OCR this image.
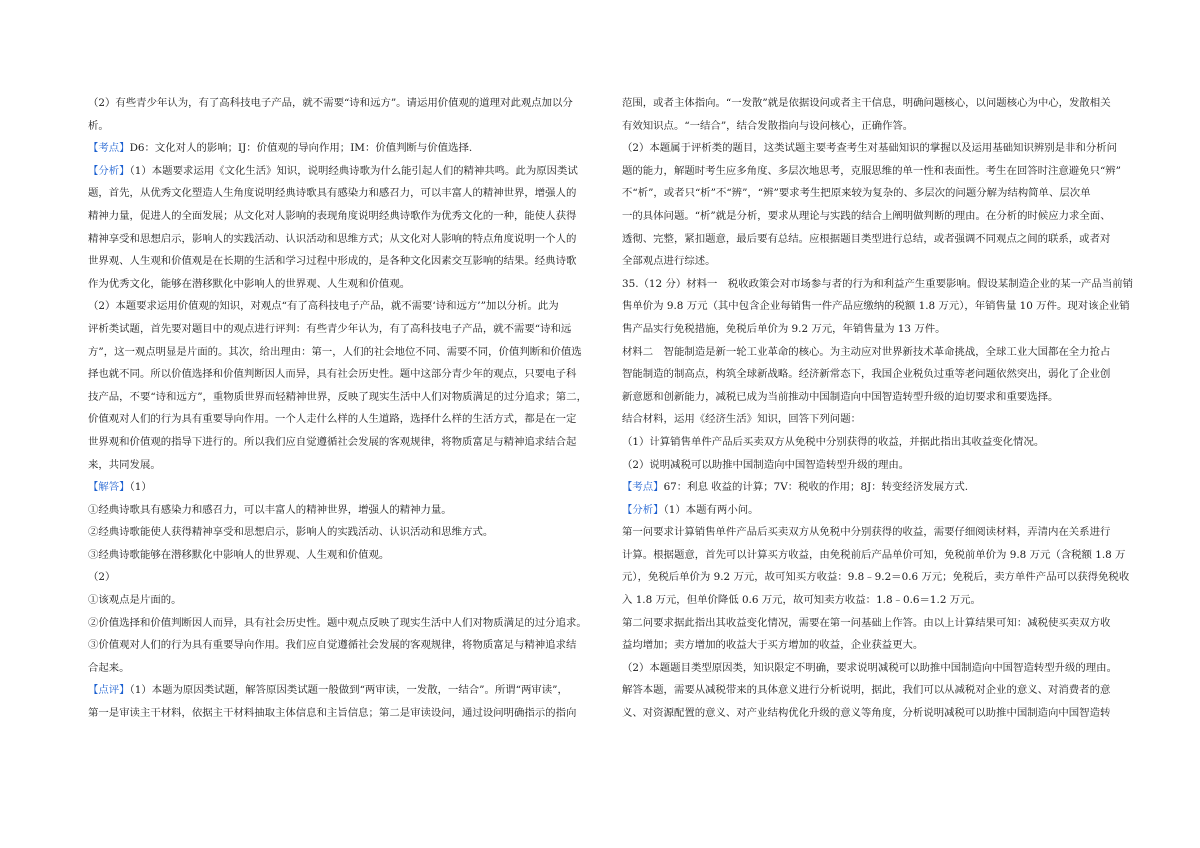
（2）有些青少年认为，有了高科技电子产品，就不需要“诗和远方”。请运用价值观的道理对此观点加以分

析。

【考点】D6：文化对人的影响；IJ：价值观的导向作用；IM：价值判断与价值选择.

【分析】（1）本题要求运用《文化生活》知识，说明经典诗歌为什么能引起人们的精神共鸣。此为原因类试

题，首先，从优秀文化塑造人生角度说明经典诗歌具有感染力和感召力，可以丰富人的精神世界，增强人的

精神力量，促进人的全面发展；从文化对人影响的表现角度说明经典诗歌作为优秀文化的一种，能使人获得

精神享受和思想启示，影响人的实践活动、认识活动和思维方式；从文化对人影响的特点角度说明一个人的

世界观、人生观和价值观是在长期的生活和学习过程中形成的，是各种文化因素交互影响的结果。经典诗歌

作为优秀文化，能够在潜移默化中影响人的世界观、人生观和价值观。

（2）本题要求运用价值观的知识，对观点“有了高科技电子产品，就不需要‘诗和远方’”加以分析。此为

评析类试题，首先要对题目中的观点进行评判：有些青少年认为，有了高科技电子产品，就不需要“诗和远

方”，这一观点明显是片面的。其次，给出理由：第一，人们的社会地位不同、需要不同，价值判断和价值选

择也就不同。所以价值选择和价值判断因人而异，具有社会历史性。题中这部分青少年的观点，只要电子科

技产品，不要“诗和远方”，重物质世界而轻精神世界，反映了现实生活中人们对物质满足的过分追求；第二，

价值观对人们的行为具有重要导向作用。一个人走什么样的人生道路，选择什么样的生活方式，都是在一定

世界观和价值观的指导下进行的。所以我们应自觉遵循社会发展的客观规律，将物质富足与精神追求结合起

来，共同发展。

【解答】（1）

①经典诗歌具有感染力和感召力，可以丰富人的精神世界，增强人的精神力量。

②经典诗歌能使人获得精神享受和思想启示，影响人的实践活动、认识活动和思维方式。

③经典诗歌能够在潜移默化中影响人的世界观、人生观和价值观。

（2）

①该观点是片面的。

②价值选择和价值判断因人而异，具有社会历史性。题中观点反映了现实生活中人们对物质满足的过分追求。

③价值观对人们的行为具有重要导向作用。我们应自觉遵循社会发展的客观规律，将物质富足与精神追求结

合起来。

【点评】（1）本题为原因类试题，解答原因类试题一般做到“两审读，一发散，一结合”。所谓“两审读”，

第一是审读主干材料，依据主干材料抽取主体信息和主旨信息；第二是审读设问，通过设问明确指示的指向

范围，或者主体指向。“一发散”就是依据设问或者主干信息，明确问题核心，以问题核心为中心，发散相关

有效知识点。“一结合”，结合发散指向与设问核心，正确作答。

（2）本题属于评析类的题目，这类试题主要考查考生对基础知识的掌握以及运用基础知识辨别是非和分析问

题的能力，解题时考生应多角度、多层次地思考，克服思维的单一性和表面性。考生在回答时注意避免只“辨”

不“析”，或者只“析”不“辨”，“辨”要求考生把原来较为复杂的、多层次的问题分解为结构简单、层次单

一的具体问题。“析”就是分析，要求从理论与实践的结合上阐明做判断的理由。在分析的时候应力求全面、

透彻、完整，紧扣题意，最后要有总结。应根据题目类型进行总结，或者强调不同观点之间的联系，或者对

全部观点进行综述。

35.（12 分）材料一　税收政策会对市场参与者的行为和利益产生重要影响。假设某制造企业的某一产品当前销

售单价为 9.8 万元（其中包含企业每销售一件产品应缴纳的税额 1.8 万元），年销售量 10 万件。现对该企业销

售产品实行免税措施，免税后单价为 9.2 万元，年销售量为 13 万件。

材料二　智能制造是新一轮工业革命的核心。为主动应对世界新技术革命挑战，全球工业大国都在全力抢占

智能制造的制高点，构筑全球新战略。经济新常态下，我国企业税负过重等老问题依然突出，弱化了企业创

新意愿和创新能力，减税已成为当前推动中国制造向中国智造转型升级的迫切要求和重要选择。

结合材料，运用《经济生活》知识，回答下列问题：

（1）计算销售单件产品后买卖双方从免税中分别获得的收益，并据此指出其收益变化情况。

（2）说明减税可以助推中国制造向中国智造转型升级的理由。

【考点】67：利息 收益的计算；7V：税收的作用；8J：转变经济发展方式.

【分析】（1）本题有两小问。

第一问要求计算销售单件产品后买卖双方从免税中分别获得的收益，需要仔细阅读材料，弄清内在关系进行

计算。根据题意，首先可以计算买方收益，由免税前后产品单价可知，免税前单价为 9.8 万元（含税额 1.8 万

元），免税后单价为 9.2 万元，故可知买方收益：9.8﹣9.2＝0.6 万元；免税后，卖方单件产品可以获得免税收

入 1.8 万元，但单价降低 0.6 万元，故可知卖方收益：1.8﹣0.6＝1.2 万元。

第二问要求据此指出其收益变化情况，需要在第一问基础上作答。由以上计算结果可知：减税使买卖双方收

益均增加；卖方增加的收益大于买方增加的收益，企业获益更大。

（2）本题题目类型原因类，知识限定不明确，要求说明减税可以助推中国制造向中国智造转型升级的理由。

解答本题，需要从减税带来的具体意义进行分析说明，据此，我们可以从减税对企业的意义、对消费者的意

义、对资源配置的意义、对产业结构优化升级的意义等角度，分析说明减税可以助推中国制造向中国智造转
